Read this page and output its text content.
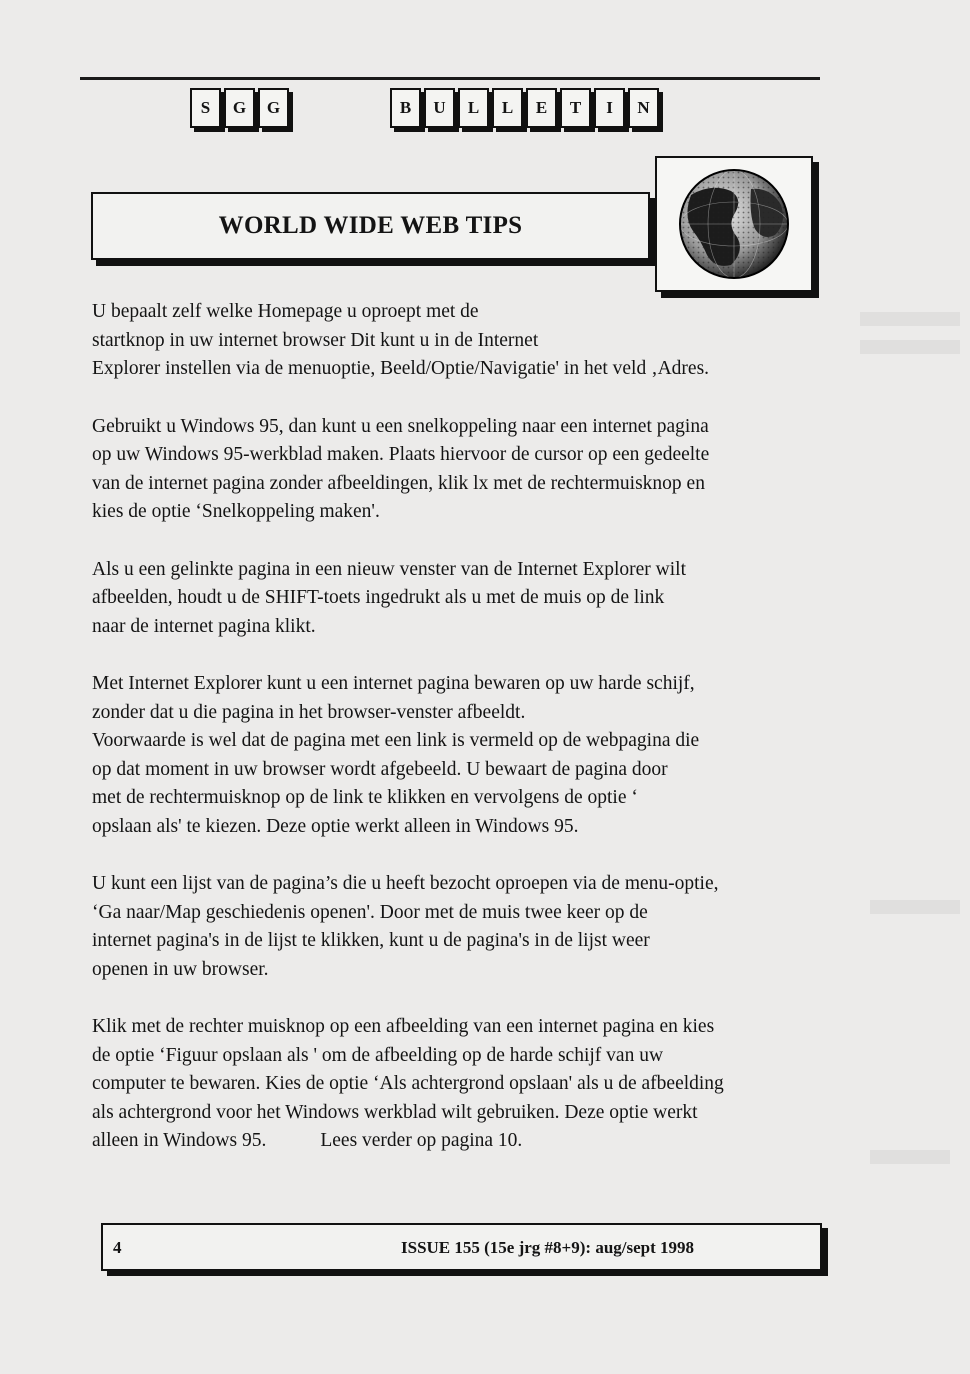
S	G	G	B	U	L	L	E	T	I	N
WORLD WIDE WEB TIPS

U bepaalt zelf welke Homepage u oproept met de
startknop in uw internet browser Dit kunt u in de Internet
Explorer instellen via de menuoptie, Beeld/Optie/Navigatie' in het veld ‚Adres.

Gebruikt u Windows 95, dan kunt u een snelkoppeling naar een internet pagina
op uw Windows 95-werkblad maken. Plaats hiervoor de cursor op een gedeelte
van de internet pagina zonder afbeeldingen, klik lx met de rechtermuisknop en
kies de optie ‘Snelkoppeling maken'.

Als u een gelinkte pagina in een nieuw venster van de Internet Explorer wilt
afbeelden, houdt u de SHIFT-toets ingedrukt als u met de muis op de link
naar de internet pagina klikt.

Met Internet Explorer kunt u een internet pagina bewaren op uw harde schijf,
zonder dat u die pagina in het browser-venster afbeeldt.
Voorwaarde is wel dat de pagina met een link is vermeld op de webpagina die
op dat moment in uw browser wordt afgebeeld. U bewaart de pagina door
met de rechtermuisknop op de link te klikken en vervolgens de optie ‘
opslaan als' te kiezen. Deze optie werkt alleen in Windows 95.

U kunt een lijst van de pagina’s die u heeft bezocht oproepen via de menu-optie,
‘Ga naar/Map geschiedenis openen'. Door met de muis twee keer op de
internet pagina's in de lijst te klikken, kunt u de pagina's in de lijst weer
openen in uw browser.

Klik met de rechter muisknop op een afbeelding van een internet pagina en kies
de optie ‘Figuur opslaan als ' om de afbeelding op de harde schijf van uw
computer te bewaren. Kies de optie ‘Als achtergrond opslaan' als u de afbeelding
als achtergrond voor het Windows werkblad wilt gebruiken. Deze optie werkt
alleen in Windows 95.	Lees verder op pagina 10.

4	ISSUE 155 (15e jrg #8+9): aug/sept 1998
